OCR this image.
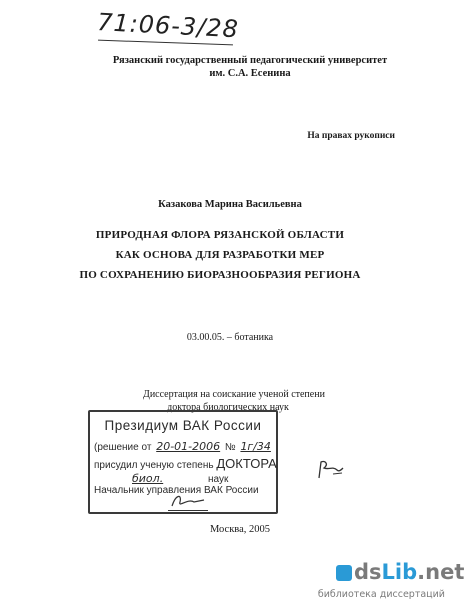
71:06-3/28
Рязанский государственный педагогический университет
им. С.А. Есенина
На правах рукописи
Казакова Марина Васильевна
ПРИРОДНАЯ ФЛОРА РЯЗАНСКОЙ ОБЛАСТИ
КАК ОСНОВА ДЛЯ РАЗРАБОТКИ МЕР
ПО СОХРАНЕНИЮ БИОРАЗНООБРАЗИЯ РЕГИОНА
03.00.05. – ботаника
Диссертация на соискание ученой степени
доктора биологических наук
Президиум ВАК России
(решение от 20-01-2006 № 1г/34
присудил ученую степень ДОКТОРА
биол.	наук
Начальник управления ВАК России
Москва, 2005
dsLib.net
библиотека диссертаций
